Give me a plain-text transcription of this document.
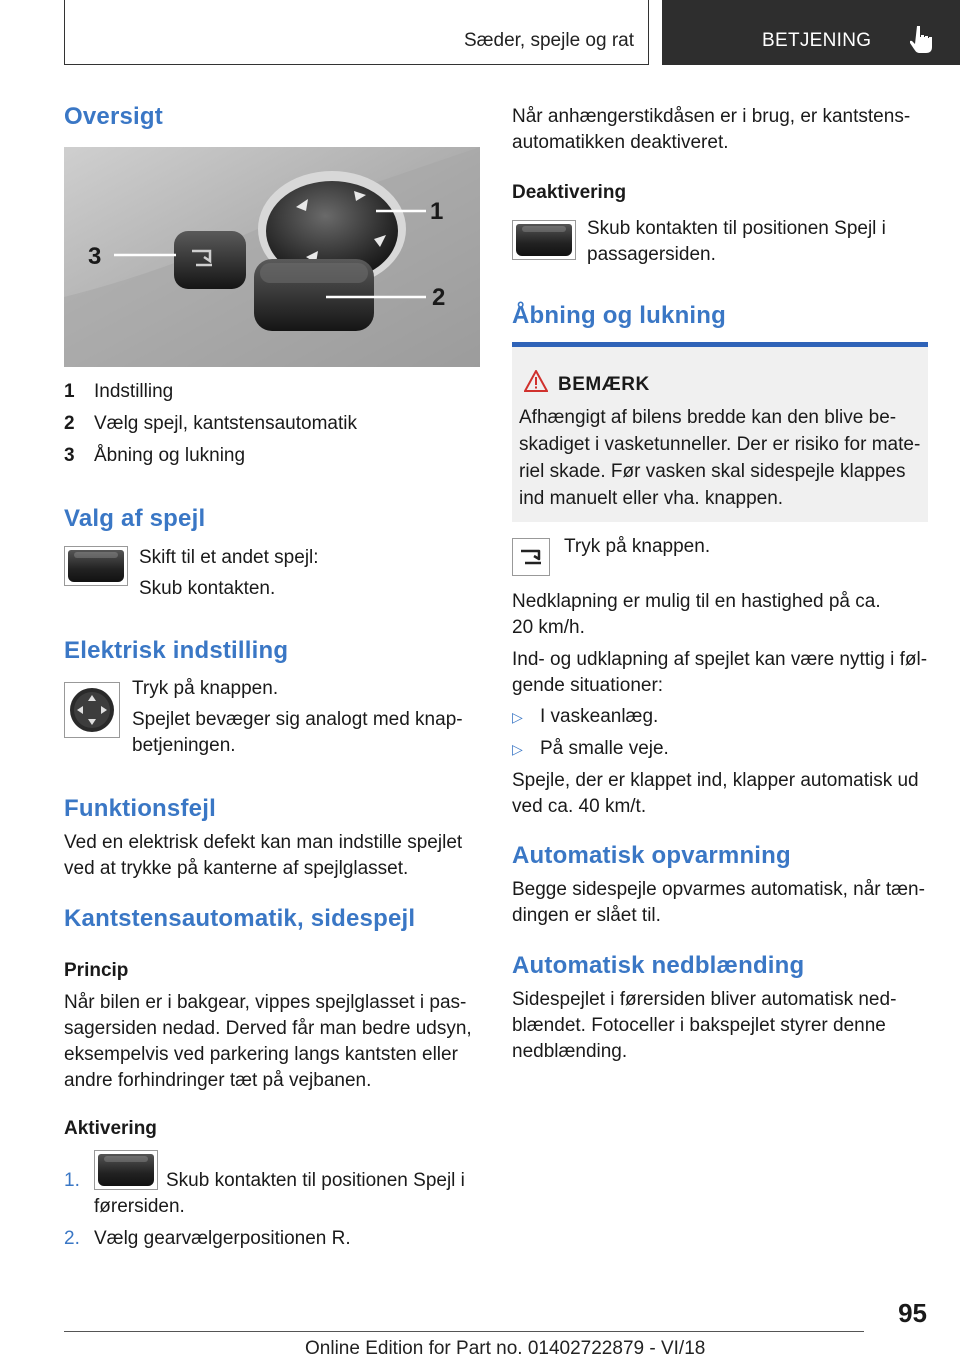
Sæder, spejle og rat	BETJENING
Oversigt
3
1
2
1 Indstilling
2 Vælg spejl, kantstensautomatik
3 Åbning og lukning
Valg af spejl

Skift til et andet spejl:

Skub kontakten.

Elektrisk indstilling

Tryk på knappen.

Spejlet bevæger sig analogt med knap-

betjeningen.

Funktionsfejl

Ved en elektrisk defekt kan man indstille spejlet

ved at trykke på kanterne af spejlglasset.

Kantstensautomatik, sidespejl
Princip

Når bilen er i bakgear, vippes spejlglasset i pas-

sagersiden nedad. Derved får man bedre udsyn,

eksempelvis ved parkering langs kantsten eller

andre forhindringer tæt på vejbanen.

Aktivering
1.	Skub kontakten til positionen Spejl i

førersiden.

2. Vælg gearvælgerpositionen R.

Når anhængerstikdåsen er i brug, er kantstens-

automatikken deaktiveret.

Deaktivering

Skub kontakten til positionen Spejl i

passagersiden.

Åbning og lukning
BEMÆRK
Afhængigt af bilens bredde kan den blive be-
skadiget i vasketunneller. Der er risiko for mate-
riel skade. Før vasken skal sidespejle klappes
ind manuelt eller vha. knappen.

Tryk på knappen.

Nedklapning er mulig til en hastighed på ca.

20 km/h.

Ind- og udklapning af spejlet kan være nyttig i føl-

gende situationer:

▷ I vaskeanlæg.
▷ På smalle veje.

Spejle, der er klappet ind, klapper automatisk ud

ved ca. 40 km/t.

Automatisk opvarmning

Begge sidespejle opvarmes automatisk, når tæn-

dingen er slået til.

Automatisk nedblænding

Sidespejlet i førersiden bliver automatisk ned-

blændet. Fotoceller i bakspejlet styrer denne

nedblænding.

95
Online Edition for Part no. 01402722879 - VI/18
